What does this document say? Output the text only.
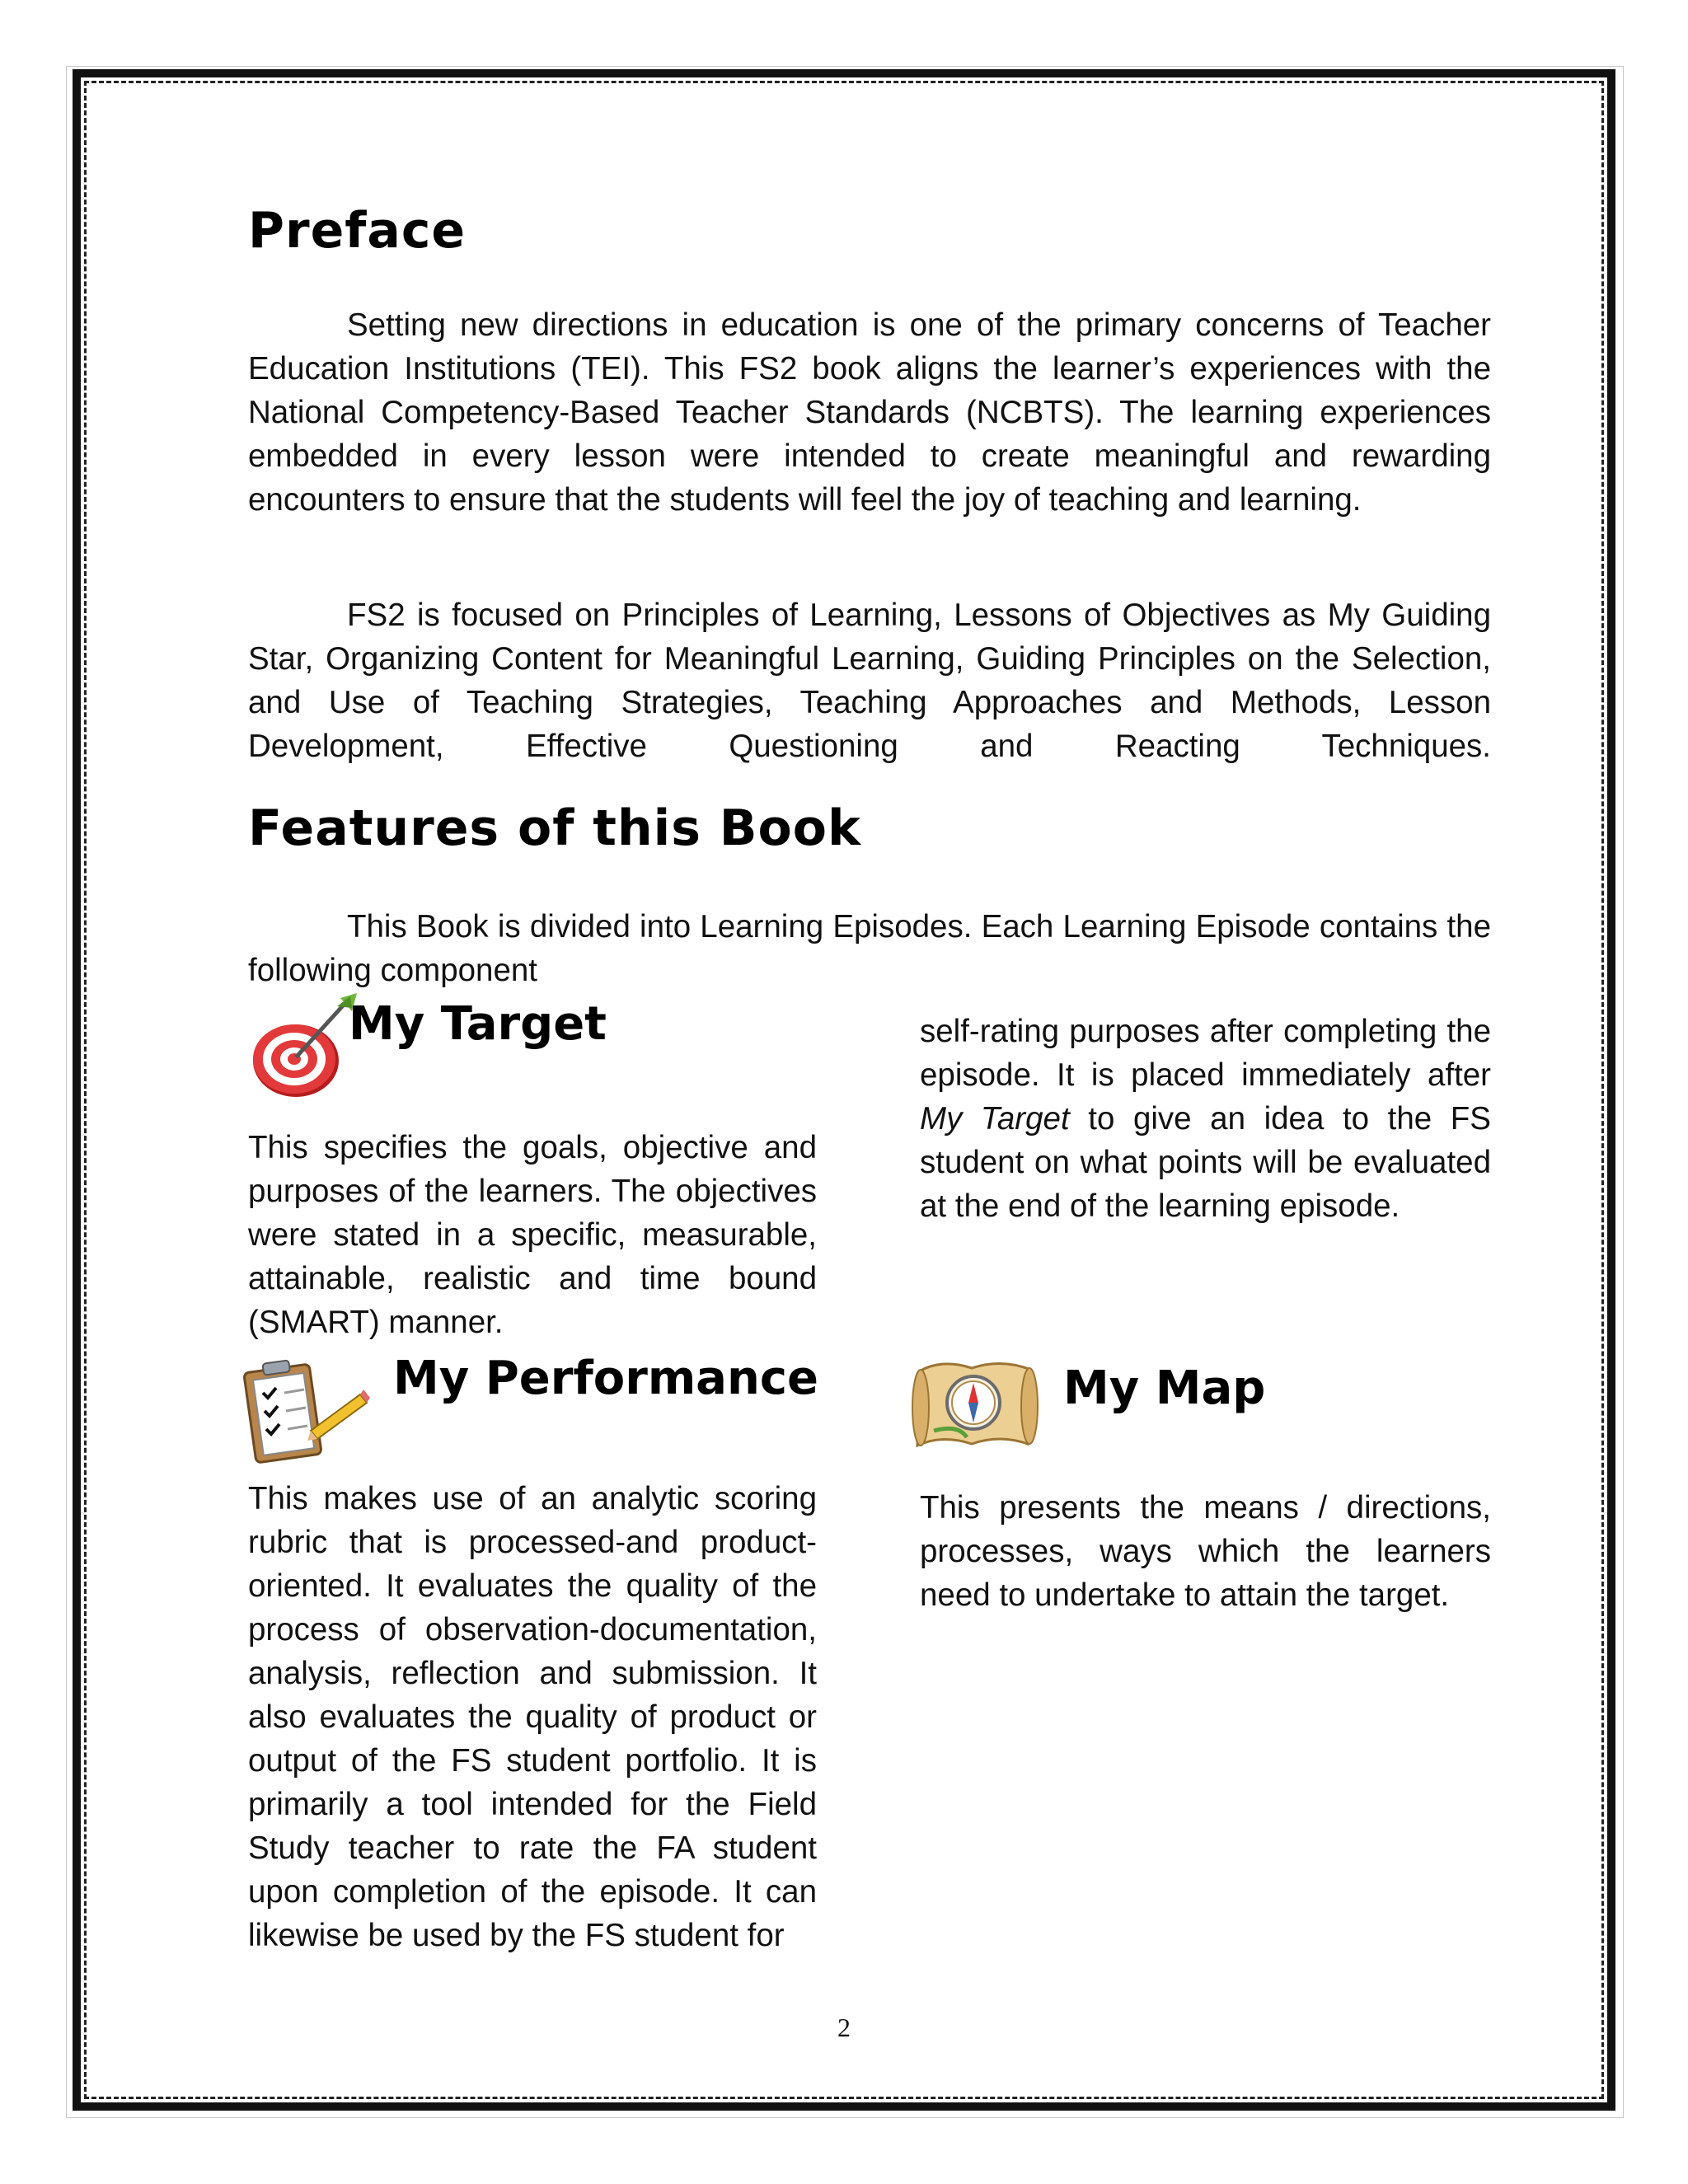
Preface

Setting new directions in education is one of the primary concerns of Teacher Education Institutions (TEI). This FS2 book aligns the learner’s experiences with the National Competency-Based Teacher Standards (NCBTS). The learning experiences embedded in every lesson were intended to create meaningful and rewarding encounters to ensure that the students will feel the joy of teaching and learning.

FS2 is focused on Principles of Learning, Lessons of Objectives as My Guiding Star, Organizing Content for Meaningful Learning, Guiding Principles on the Selection, and Use of Teaching Strategies, Teaching Approaches and Methods, Lesson Development, Effective Questioning and Reacting Techniques.

Features of this Book

This Book is divided into Learning Episodes. Each Learning Episode contains the following component

My Target

This specifies the goals, objective and purposes of the learners. The objectives were stated in a specific, measurable, attainable, realistic and time bound (SMART) manner.

My Performance

This makes use of an analytic scoring rubric that is processed-and product-oriented. It evaluates the quality of the process of observation-documentation, analysis, reflection and submission. It also evaluates the quality of product or output of the FS student portfolio. It is primarily a tool intended for the Field Study teacher to rate the FA student upon completion of the episode. It can likewise be used by the FS student for

self-rating purposes after completing the episode. It is placed immediately after My Target to give an idea to the FS student on what points will be evaluated at the end of the learning episode.

My Map

This presents the means / directions, processes, ways which the learners need to undertake to attain the target.

2
